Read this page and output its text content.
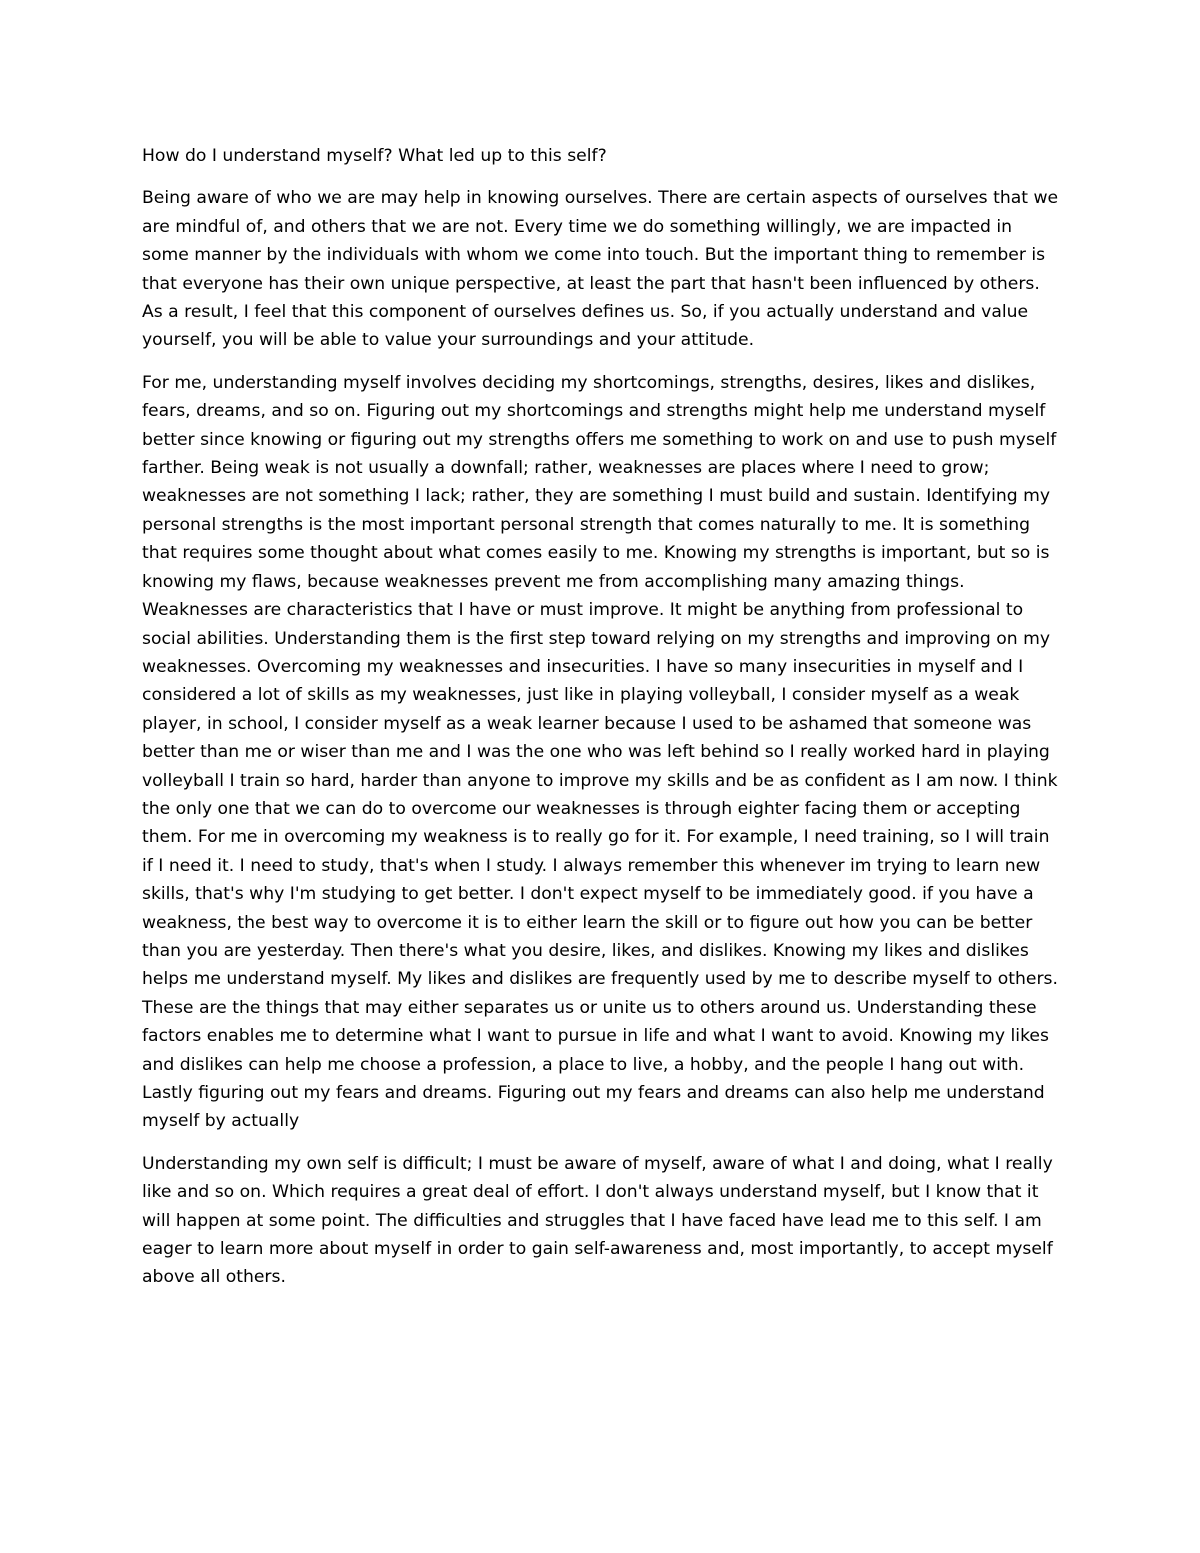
How do I understand myself? What led up to this self?

Being aware of who we are may help in knowing ourselves. There are certain aspects of ourselves that we are mindful of, and others that we are not. Every time we do something willingly, we are impacted in some manner by the individuals with whom we come into touch. But the important thing to remember is that everyone has their own unique perspective, at least the part that hasn't been influenced by others. As a result, I feel that this component of ourselves defines us. So, if you actually understand and value yourself, you will be able to value your surroundings and your attitude.

For me, understanding myself involves deciding my shortcomings, strengths, desires, likes and dislikes, fears, dreams, and so on. Figuring out my shortcomings and strengths might help me understand myself better since knowing or figuring out my strengths offers me something to work on and use to push myself farther. Being weak is not usually a downfall; rather, weaknesses are places where I need to grow; weaknesses are not something I lack; rather, they are something I must build and sustain. Identifying my personal strengths is the most important personal strength that comes naturally to me. It is something that requires some thought about what comes easily to me. Knowing my strengths is important, but so is knowing my flaws, because weaknesses prevent me from accomplishing many amazing things. Weaknesses are characteristics that I have or must improve. It might be anything from professional to social abilities. Understanding them is the first step toward relying on my strengths and improving on my weaknesses. Overcoming my weaknesses and insecurities. I have so many insecurities in myself and I considered a lot of skills as my weaknesses, just like in playing volleyball, I consider myself as a weak player, in school, I consider myself as a weak learner because I used to be ashamed that someone was better than me or wiser than me and I was the one who was left behind so I really worked hard in playing volleyball I train so hard, harder than anyone to improve my skills and be as confident as I am now. I think the only one that we can do to overcome our weaknesses is through eighter facing them or accepting them. For me in overcoming my weakness is to really go for it. For example, I need training, so I will train if I need it. I need to study, that's when I study. I always remember this whenever im trying to learn new skills, that's why I'm studying to get better. I don't expect myself to be immediately good. if you have a weakness, the best way to overcome it is to either learn the skill or to figure out how you can be better than you are yesterday. Then there's what you desire, likes, and dislikes. Knowing my likes and dislikes helps me understand myself. My likes and dislikes are frequently used by me to describe myself to others. These are the things that may either separates us or unite us to others around us. Understanding these factors enables me to determine what I want to pursue in life and what I want to avoid. Knowing my likes and dislikes can help me choose a profession, a place to live, a hobby, and the people I hang out with. Lastly figuring out my fears and dreams. Figuring out my fears and dreams can also help me understand myself by actually

Understanding my own self is difficult; I must be aware of myself, aware of what I and doing, what I really like and so on. Which requires a great deal of effort. I don't always understand myself, but I know that it will happen at some point. The difficulties and struggles that I have faced have lead me to this self. I am eager to learn more about myself in order to gain self-awareness and, most importantly, to accept myself above all others.
